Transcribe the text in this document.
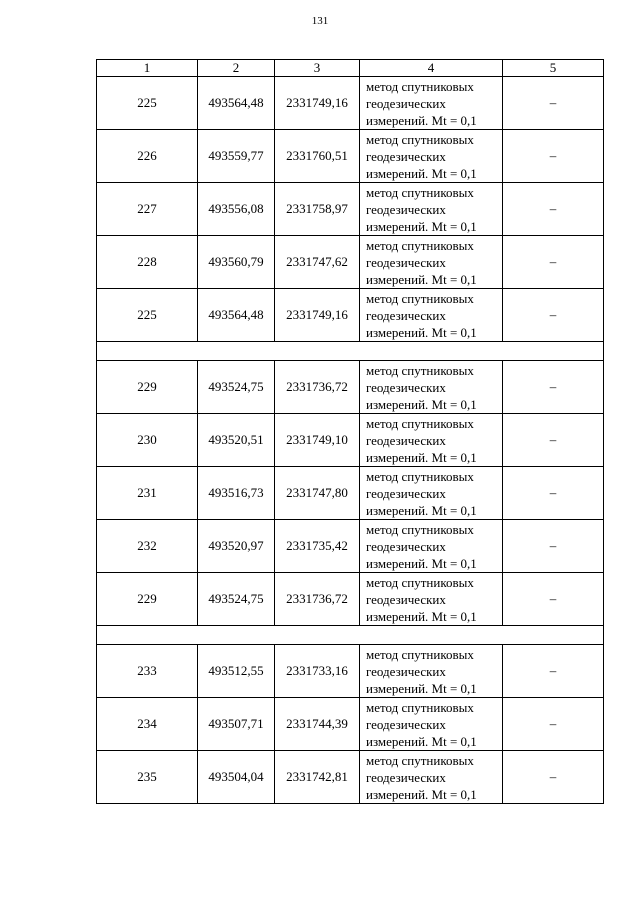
131
1	2	3	4	5
225	493564,48	2331749,16	метод спутниковых геодезических измерений. Mt = 0,1	–
226	493559,77	2331760,51	метод спутниковых геодезических измерений. Mt = 0,1	–
227	493556,08	2331758,97	метод спутниковых геодезических измерений. Mt = 0,1	–
228	493560,79	2331747,62	метод спутниковых геодезических измерений. Mt = 0,1	–
225	493564,48	2331749,16	метод спутниковых геодезических измерений. Mt = 0,1	–

229	493524,75	2331736,72	метод спутниковых геодезических измерений. Mt = 0,1	–
230	493520,51	2331749,10	метод спутниковых геодезических измерений. Mt = 0,1	–
231	493516,73	2331747,80	метод спутниковых геодезических измерений. Mt = 0,1	–
232	493520,97	2331735,42	метод спутниковых геодезических измерений. Mt = 0,1	–
229	493524,75	2331736,72	метод спутниковых геодезических измерений. Mt = 0,1	–

233	493512,55	2331733,16	метод спутниковых геодезических измерений. Mt = 0,1	–
234	493507,71	2331744,39	метод спутниковых геодезических измерений. Mt = 0,1	–
235	493504,04	2331742,81	метод спутниковых геодезических измерений. Mt = 0,1	–
